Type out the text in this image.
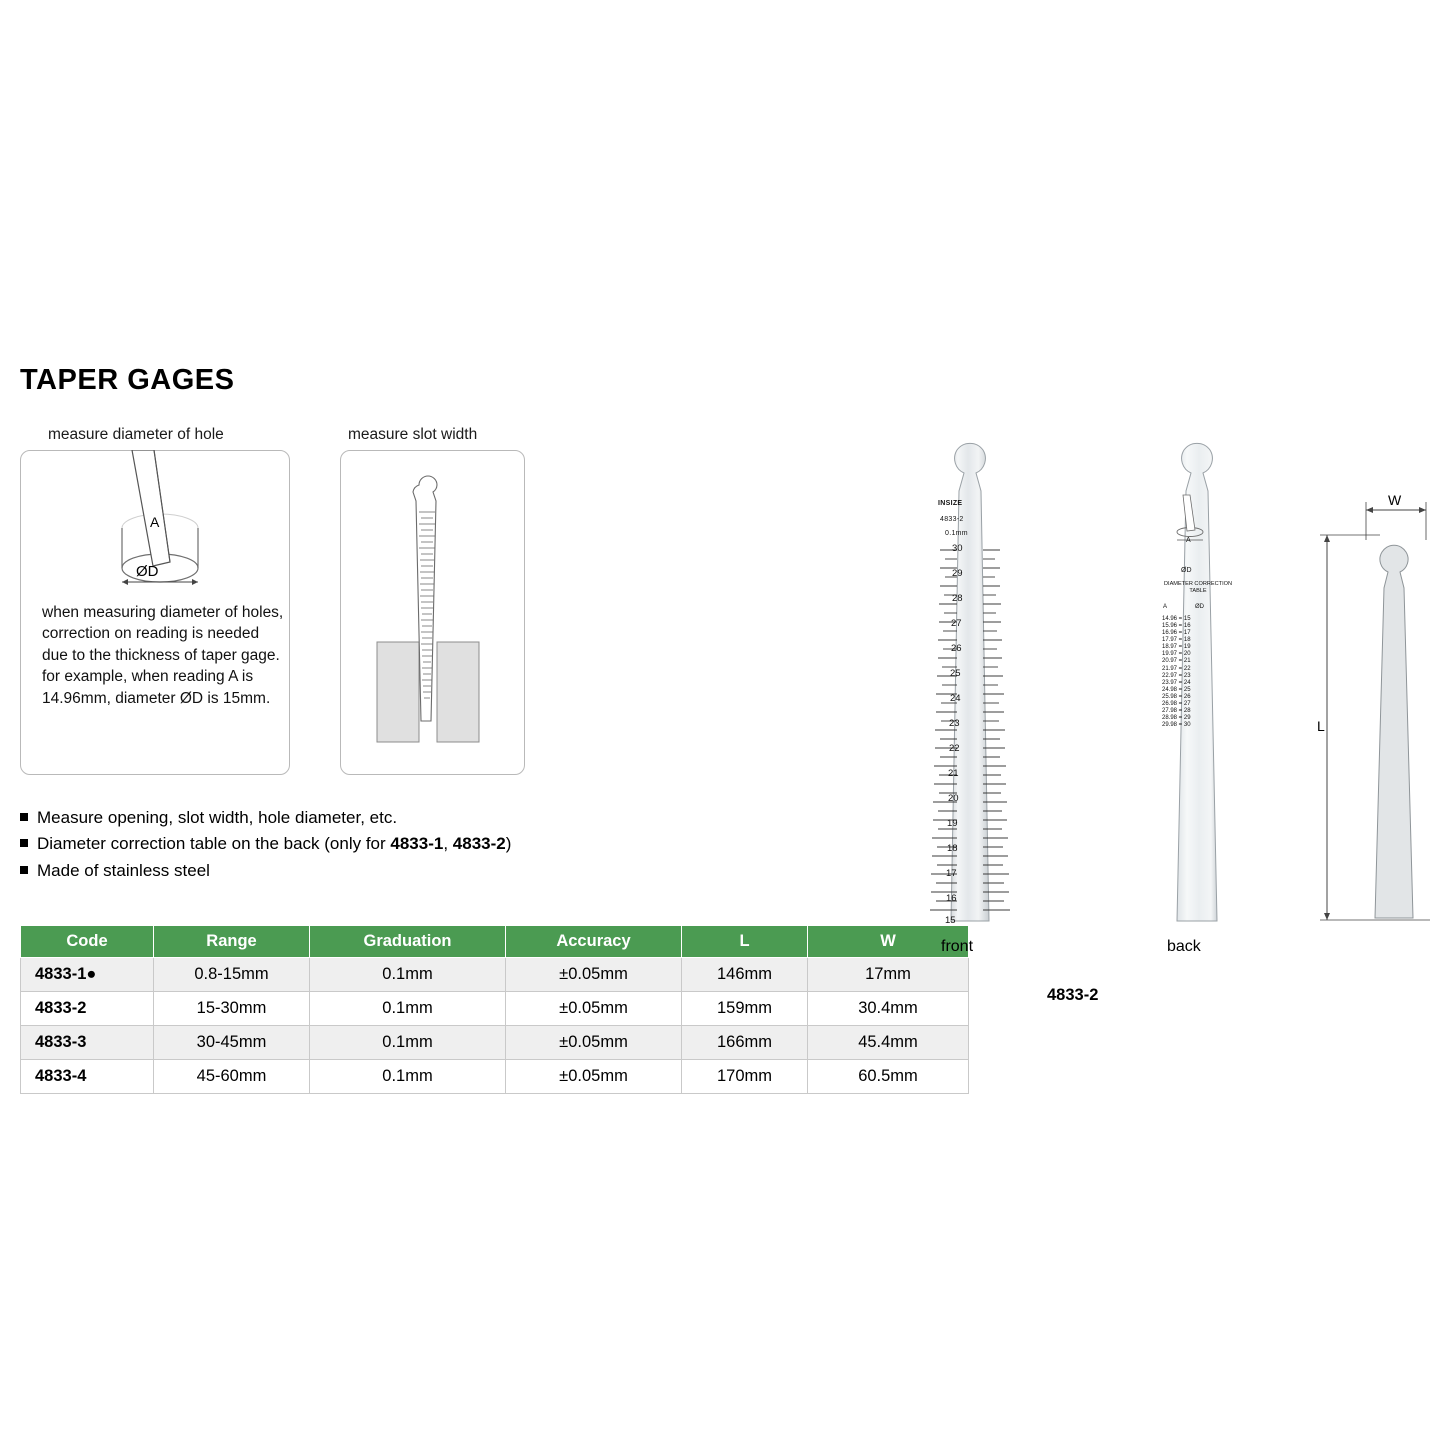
TAPER GAGES
measure diameter of hole	measure slot width
A
ØD
when measuring diameter of holes, correction on reading is needed due to the thickness of taper gage. for example, when reading A is 14.96mm, diameter ØD is 15mm.
Measure opening, slot width, hole diameter, etc.
Diameter correction table on the back (only for 4833-1, 4833-2)
Made of stainless steel
Code	Range	Graduation	Accuracy	L	W
4833-1●	0.8-15mm	0.1mm	±0.05mm	146mm	17mm
4833-2	15-30mm	0.1mm	±0.05mm	159mm	30.4mm
4833-3	30-45mm	0.1mm	±0.05mm	166mm	45.4mm
4833-4	45-60mm	0.1mm	±0.05mm	170mm	60.5mm
INSIZE
4833-2
0.1mm
30
29
28
27
26
25
24
23
22
21
20
19
18
17
16
15
A
ØD
DIAMETER CORRECTION TABLE
A	ØD
14.96 = 15
15.96 = 16
16.96 = 17
17.97 = 18
18.97 = 19
19.97 = 20
20.97 = 21
21.97 = 22
22.97 = 23
23.97 = 24
24.98 = 25
25.98 = 26
26.98 = 27
27.98 = 28
28.98 = 29
29.98 = 30
W
L
front	back
4833-2
